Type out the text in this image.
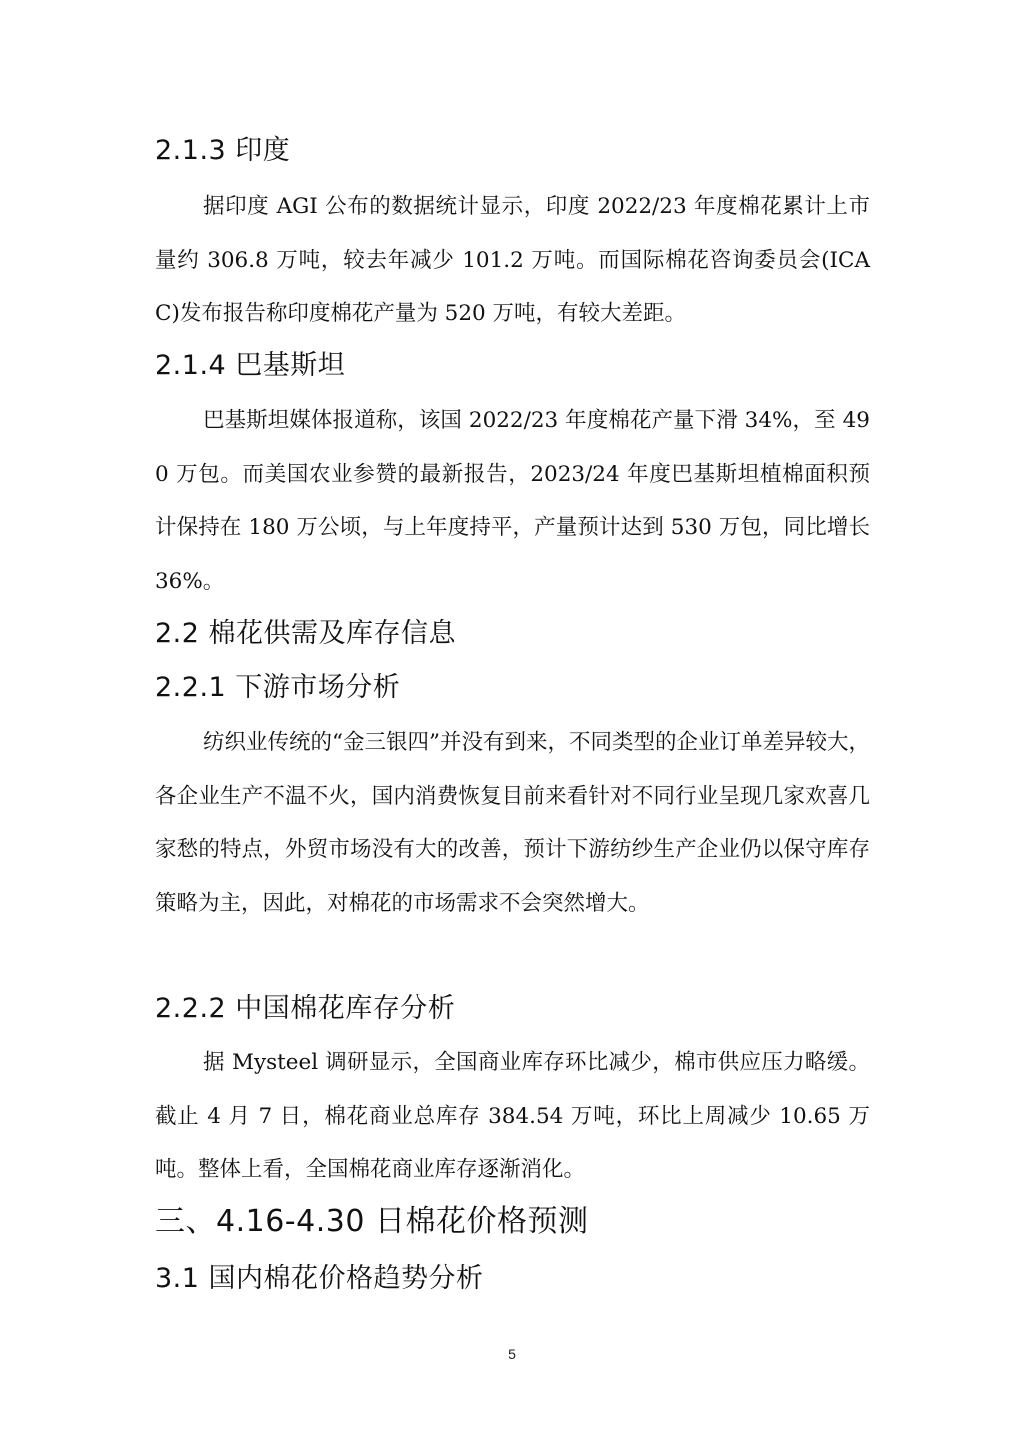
2.1.3 印度
据印度 AGI 公布的数据统计显示，印度 2022/23 年度棉花累计上市量约 306.8 万吨，较去年减少 101.2 万吨。而国际棉花咨询委员会(ICAC)发布报告称印度棉花产量为 520 万吨，有较大差距。
2.1.4 巴基斯坦
巴基斯坦媒体报道称，该国 2022/23 年度棉花产量下滑 34%，至 490 万包。而美国农业参赞的最新报告，2023/24 年度巴基斯坦植棉面积预计保持在 180 万公顷，与上年度持平，产量预计达到 530 万包，同比增长 36%。
2.2 棉花供需及库存信息
2.2.1 下游市场分析
纺织业传统的“金三银四”并没有到来，不同类型的企业订单差异较大，各企业生产不温不火，国内消费恢复目前来看针对不同行业呈现几家欢喜几家愁的特点，外贸市场没有大的改善，预计下游纺纱生产企业仍以保守库存策略为主，因此，对棉花的市场需求不会突然增大。
2.2.2 中国棉花库存分析
据 Mysteel 调研显示，全国商业库存环比减少，棉市供应压力略缓。截止 4 月 7 日，棉花商业总库存 384.54 万吨，环比上周减少 10.65 万吨。整体上看，全国棉花商业库存逐渐消化。
三、4.16-4.30 日棉花价格预测
3.1 国内棉花价格趋势分析
5
